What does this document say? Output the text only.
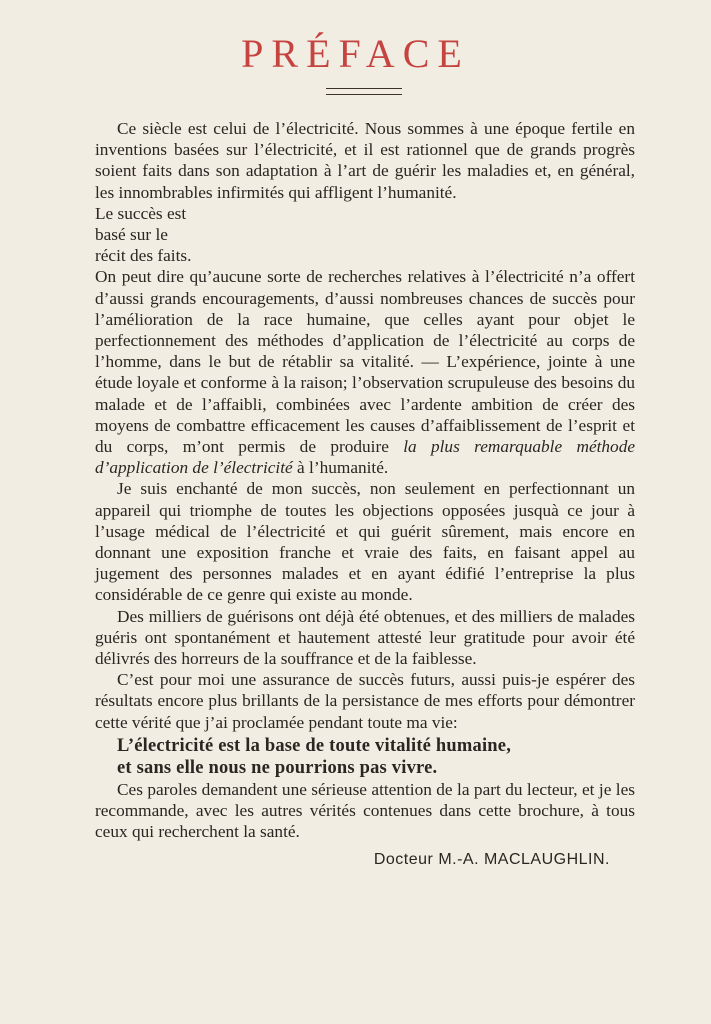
PRÉFACE

Ce siècle est celui de l’électricité. Nous sommes à une époque fertile en inventions basées sur l’électricité, et il est rationnel que de grands progrès soient faits dans son adaptation à l’art de guérir les maladies et, en général, les innombrables infirmités qui affligent l’humanité.

Le succès est
basé sur le
récit des faits.
On peut dire qu’aucune sorte de recherches relatives à l’électricité n’a offert d’aussi grands encouragements, d’aussi nombreuses chances de succès pour l’amélioration de la race humaine, que celles ayant pour objet le perfectionnement des méthodes d’application de l’électricité au corps de l’homme, dans le but de rétablir sa vitalité. — L’expérience, jointe à une étude loyale et conforme à la raison; l’observation scrupuleuse des besoins du malade et de l’affaibli, combinées avec l’ardente ambition de créer des moyens de combattre efficacement les causes d’affaiblissement de l’esprit et du corps, m’ont permis de produire la plus remarquable méthode d’application de l’électricité à l’humanité.

Je suis enchanté de mon succès, non seulement en perfectionnant un appareil qui triomphe de toutes les objections opposées jusquà ce jour à l’usage médical de l’électricité et qui guérit sûrement, mais encore en donnant une exposition franche et vraie des faits, en faisant appel au jugement des personnes malades et en ayant édifié l’entreprise la plus considérable de ce genre qui existe au monde.

Des milliers de guérisons ont déjà été obtenues, et des milliers de malades guéris ont spontanément et hautement attesté leur gratitude pour avoir été délivrés des horreurs de la souffrance et de la faiblesse.

C’est pour moi une assurance de succès futurs, aussi puis-je espérer des résultats encore plus brillants de la persistance de mes efforts pour démontrer cette vérité que j’ai proclamée pendant toute ma vie:

L’électricité est la base de toute vitalité humaine,
et sans elle nous ne pourrions pas vivre.

Ces paroles demandent une sérieuse attention de la part du lecteur, et je les recommande, avec les autres vérités contenues dans cette brochure, à tous ceux qui recherchent la santé.

Docteur M.-A. MACLAUGHLIN.
